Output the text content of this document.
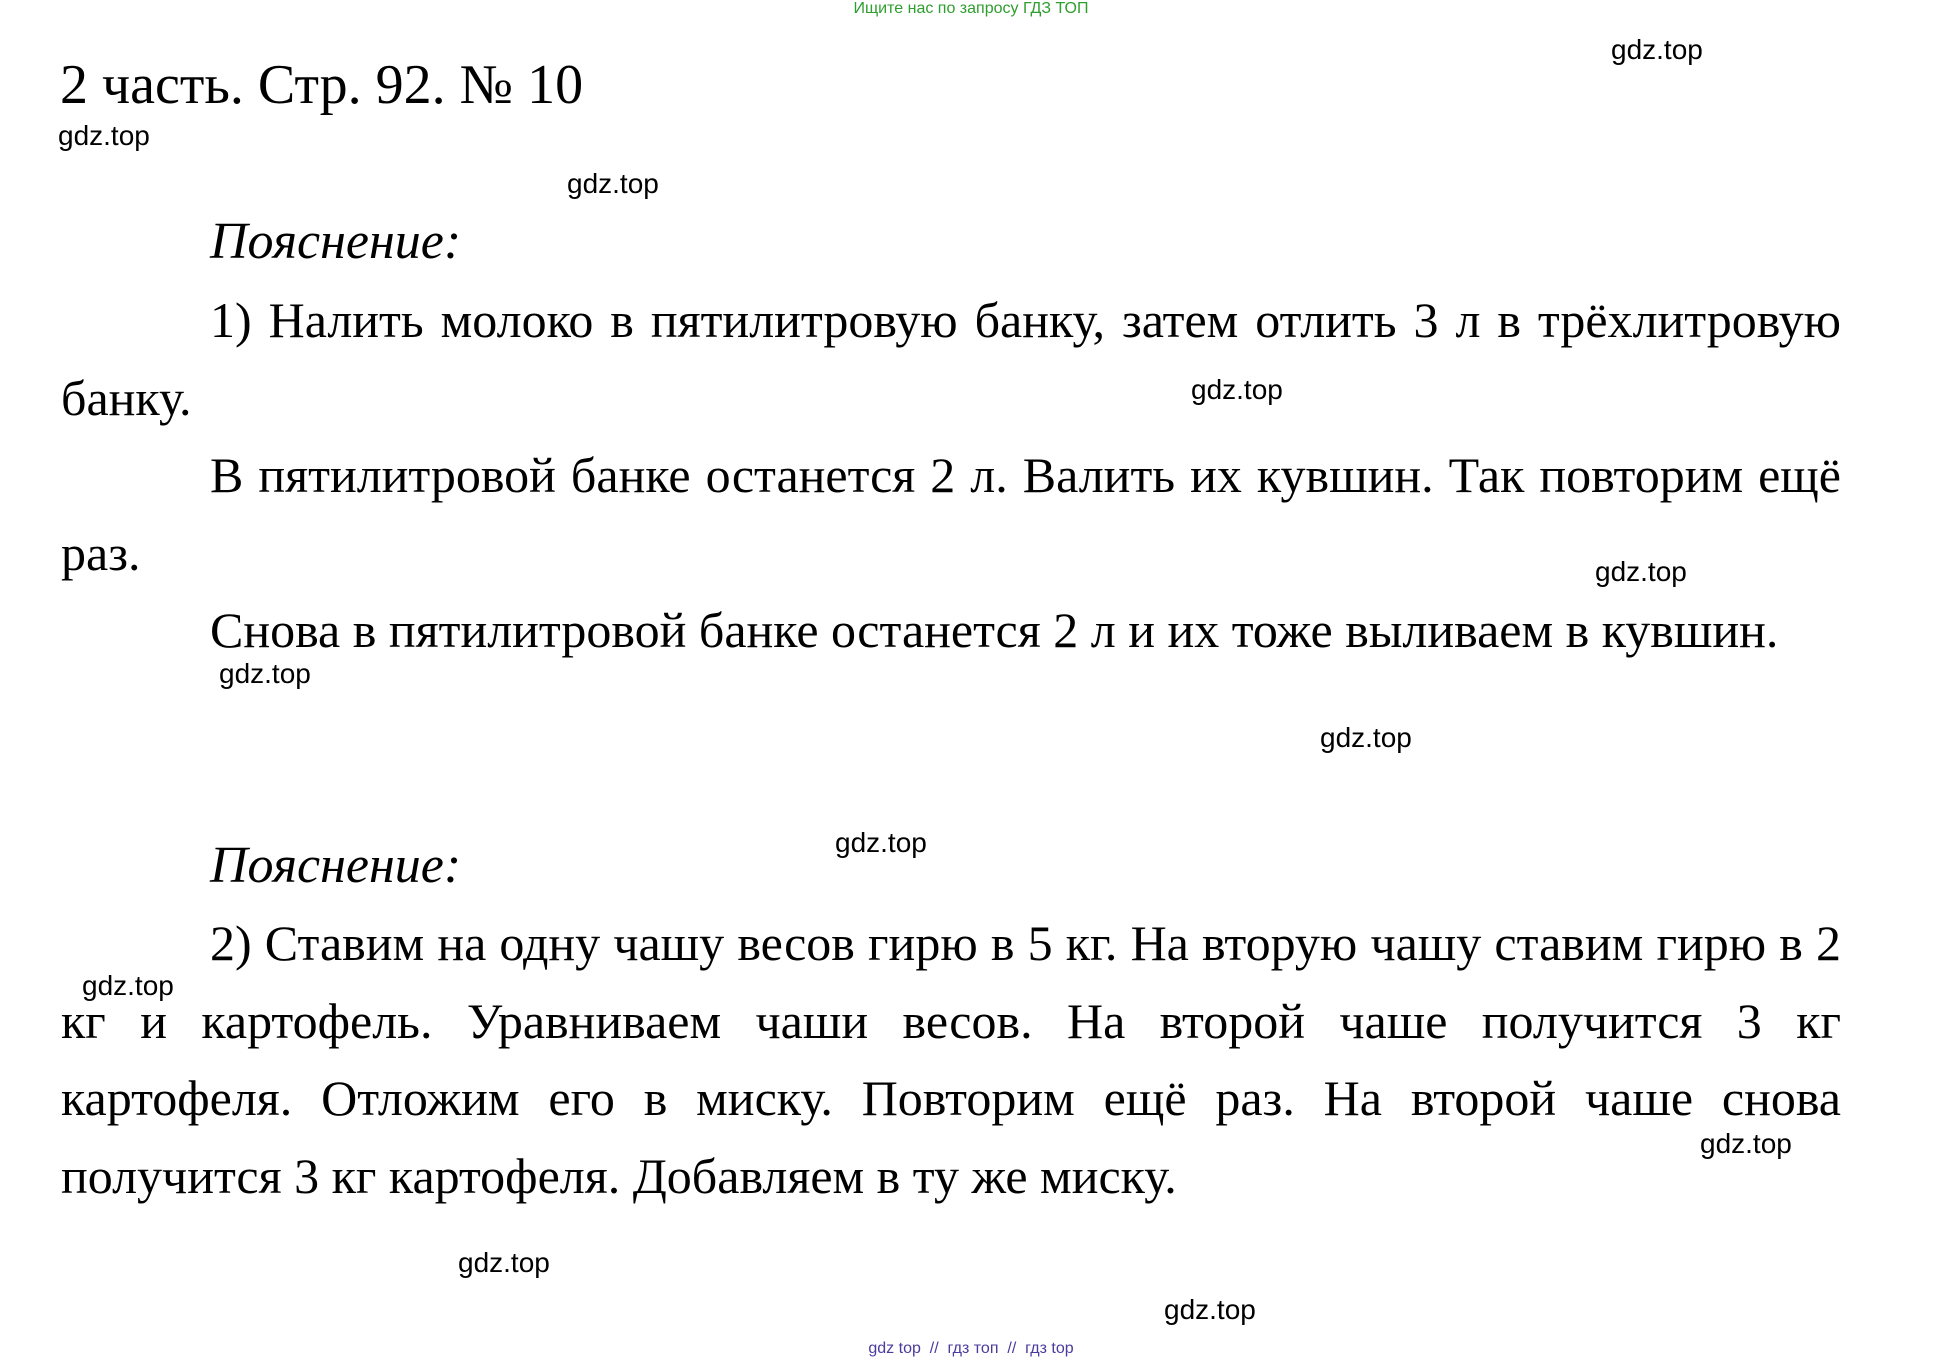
Ищите нас по запросу ГДЗ ТОП
2 часть. Стр. 92. № 10
Пояснение:

1) Налить молоко в пятилитровую банку, затем отлить 3 л в трёхлитровую банку.

В пятилитровой банке останется 2 л. Валить их кувшин. Так повторим ещё раз.

Снова в пятилитровой банке останется 2 л и их тоже выливаем в кувшин.

Пояснение:

2) Ставим на одну чашу весов гирю в 5 кг. На вторую чашу ставим гирю в 2 кг и картофель. Уравниваем чаши весов. На второй чаше получится 3 кг картофеля. Отложим его в миску. Повторим ещё раз. На второй чаше снова получится 3 кг картофеля. Добавляем в ту же миску.

gdz.top
gdz.top
gdz.top
gdz.top
gdz.top
gdz.top
gdz.top
gdz.top
gdz.top
gdz.top
gdz.top
gdz.top
gdz top  //  гдз топ  //  гдз top
